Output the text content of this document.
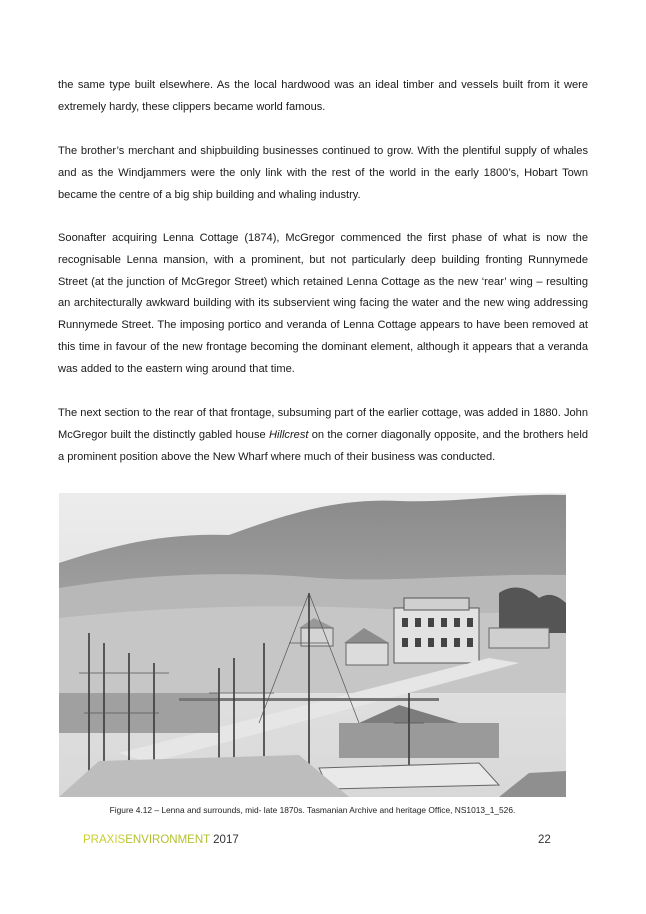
the same type built elsewhere. As the local hardwood was an ideal timber and vessels built from it were extremely hardy, these clippers became world famous.

The brother’s merchant and shipbuilding businesses continued to grow. With the plentiful supply of whales and as the Windjammers were the only link with the rest of the world in the early 1800’s, Hobart Town became the centre of a big ship building and whaling industry.

Soonafter acquiring Lenna Cottage (1874), McGregor commenced the first phase of what is now the recognisable Lenna mansion, with a prominent, but not particularly deep building fronting Runnymede Street (at the junction of McGregor Street) which retained Lenna Cottage as the new ‘rear’ wing – resulting an architecturally awkward building with its subservient wing facing the water and the new wing addressing Runnymede Street. The imposing portico and veranda of Lenna Cottage appears to have been removed at this time in favour of the new frontage becoming the dominant element, although it appears that a veranda was added to the eastern wing around that time.

The next section to the rear of that frontage, subsuming part of the earlier cottage, was added in 1880. John McGregor built the distinctly gabled house Hillcrest on the corner diagonally opposite, and the brothers held a prominent position above the New Wharf where much of their business was conducted.

Figure 4.12 – Lenna and surrounds, mid- late 1870s. Tasmanian Archive and heritage Office, NS1013_1_526.
PRAXISENVIRONMENT 2017	22
